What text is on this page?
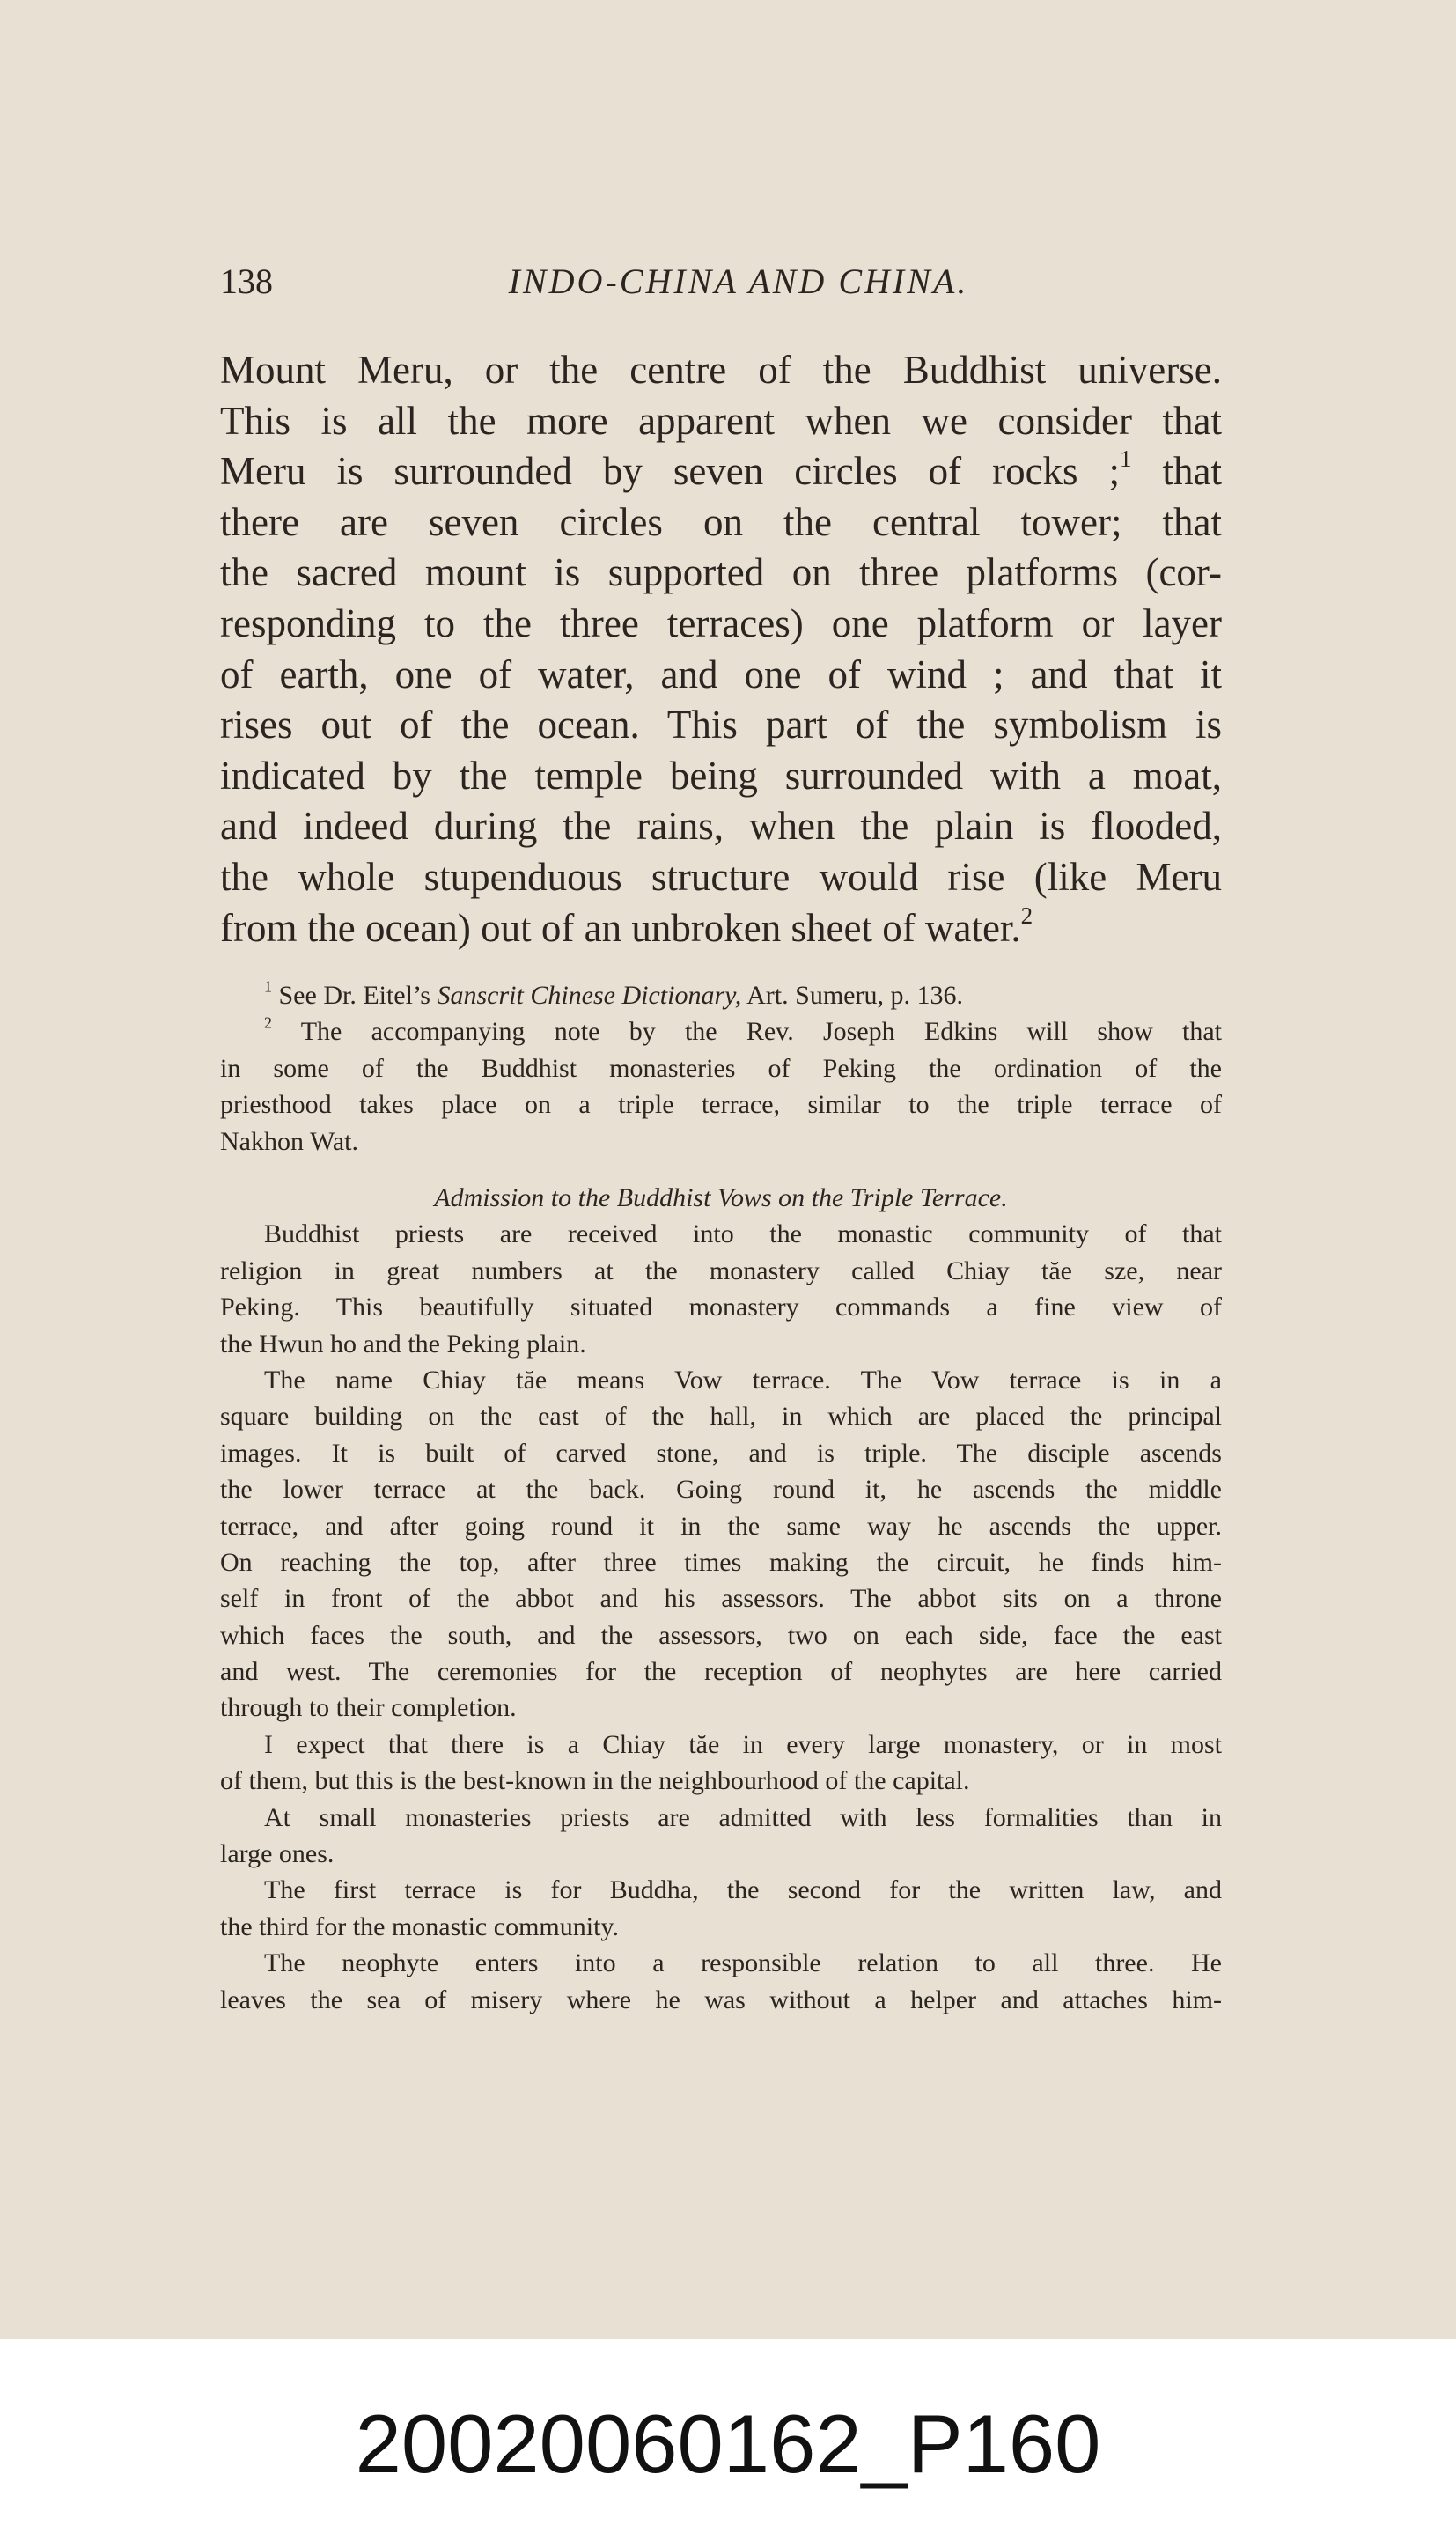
138	INDO-CHINA AND CHINA.
Mount Meru, or the centre of the Buddhist universe.
This is all the more apparent when we consider that
Meru is surrounded by seven circles of rocks ;$^1$ that
there are seven circles on the central tower; that
the sacred mount is supported on three platforms (cor-
responding to the three terraces) one platform or layer
of earth, one of water, and one of wind ; and that it
rises out of the ocean. This part of the symbolism is
indicated by the temple being surrounded with a moat,
and indeed during the rains, when the plain is flooded,
the whole stupenduous structure would rise (like Meru
from the ocean) out of an unbroken sheet of water.$^2$
$^1$ See Dr. Eitel’s Sanscrit Chinese Dictionary, Art. Sumeru, p. 136.
$^2$ The accompanying note by the Rev. Joseph Edkins will show that
in some of the Buddhist monasteries of Peking the ordination of the
priesthood takes place on a triple terrace, similar to the triple terrace of
Nakhon Wat.
Admission to the Buddhist Vows on the Triple Terrace.
Buddhist priests are received into the monastic community of that
religion in great numbers at the monastery called Chiay tăe sze, near
Peking. This beautifully situated monastery commands a fine view of
the Hwun ho and the Peking plain.
The name Chiay tăe means Vow terrace. The Vow terrace is in a
square building on the east of the hall, in which are placed the principal
images. It is built of carved stone, and is triple. The disciple ascends
the lower terrace at the back. Going round it, he ascends the middle
terrace, and after going round it in the same way he ascends the upper.
On reaching the top, after three times making the circuit, he finds him-
self in front of the abbot and his assessors. The abbot sits on a throne
which faces the south, and the assessors, two on each side, face the east
and west. The ceremonies for the reception of neophytes are here carried
through to their completion.
I expect that there is a Chiay tăe in every large monastery, or in most
of them, but this is the best-known in the neighbourhood of the capital.
At small monasteries priests are admitted with less formalities than in
large ones.
The first terrace is for Buddha, the second for the written law, and
the third for the monastic community.
The neophyte enters into a responsible relation to all three. He
leaves the sea of misery where he was without a helper and attaches him-
20020060162_P160
